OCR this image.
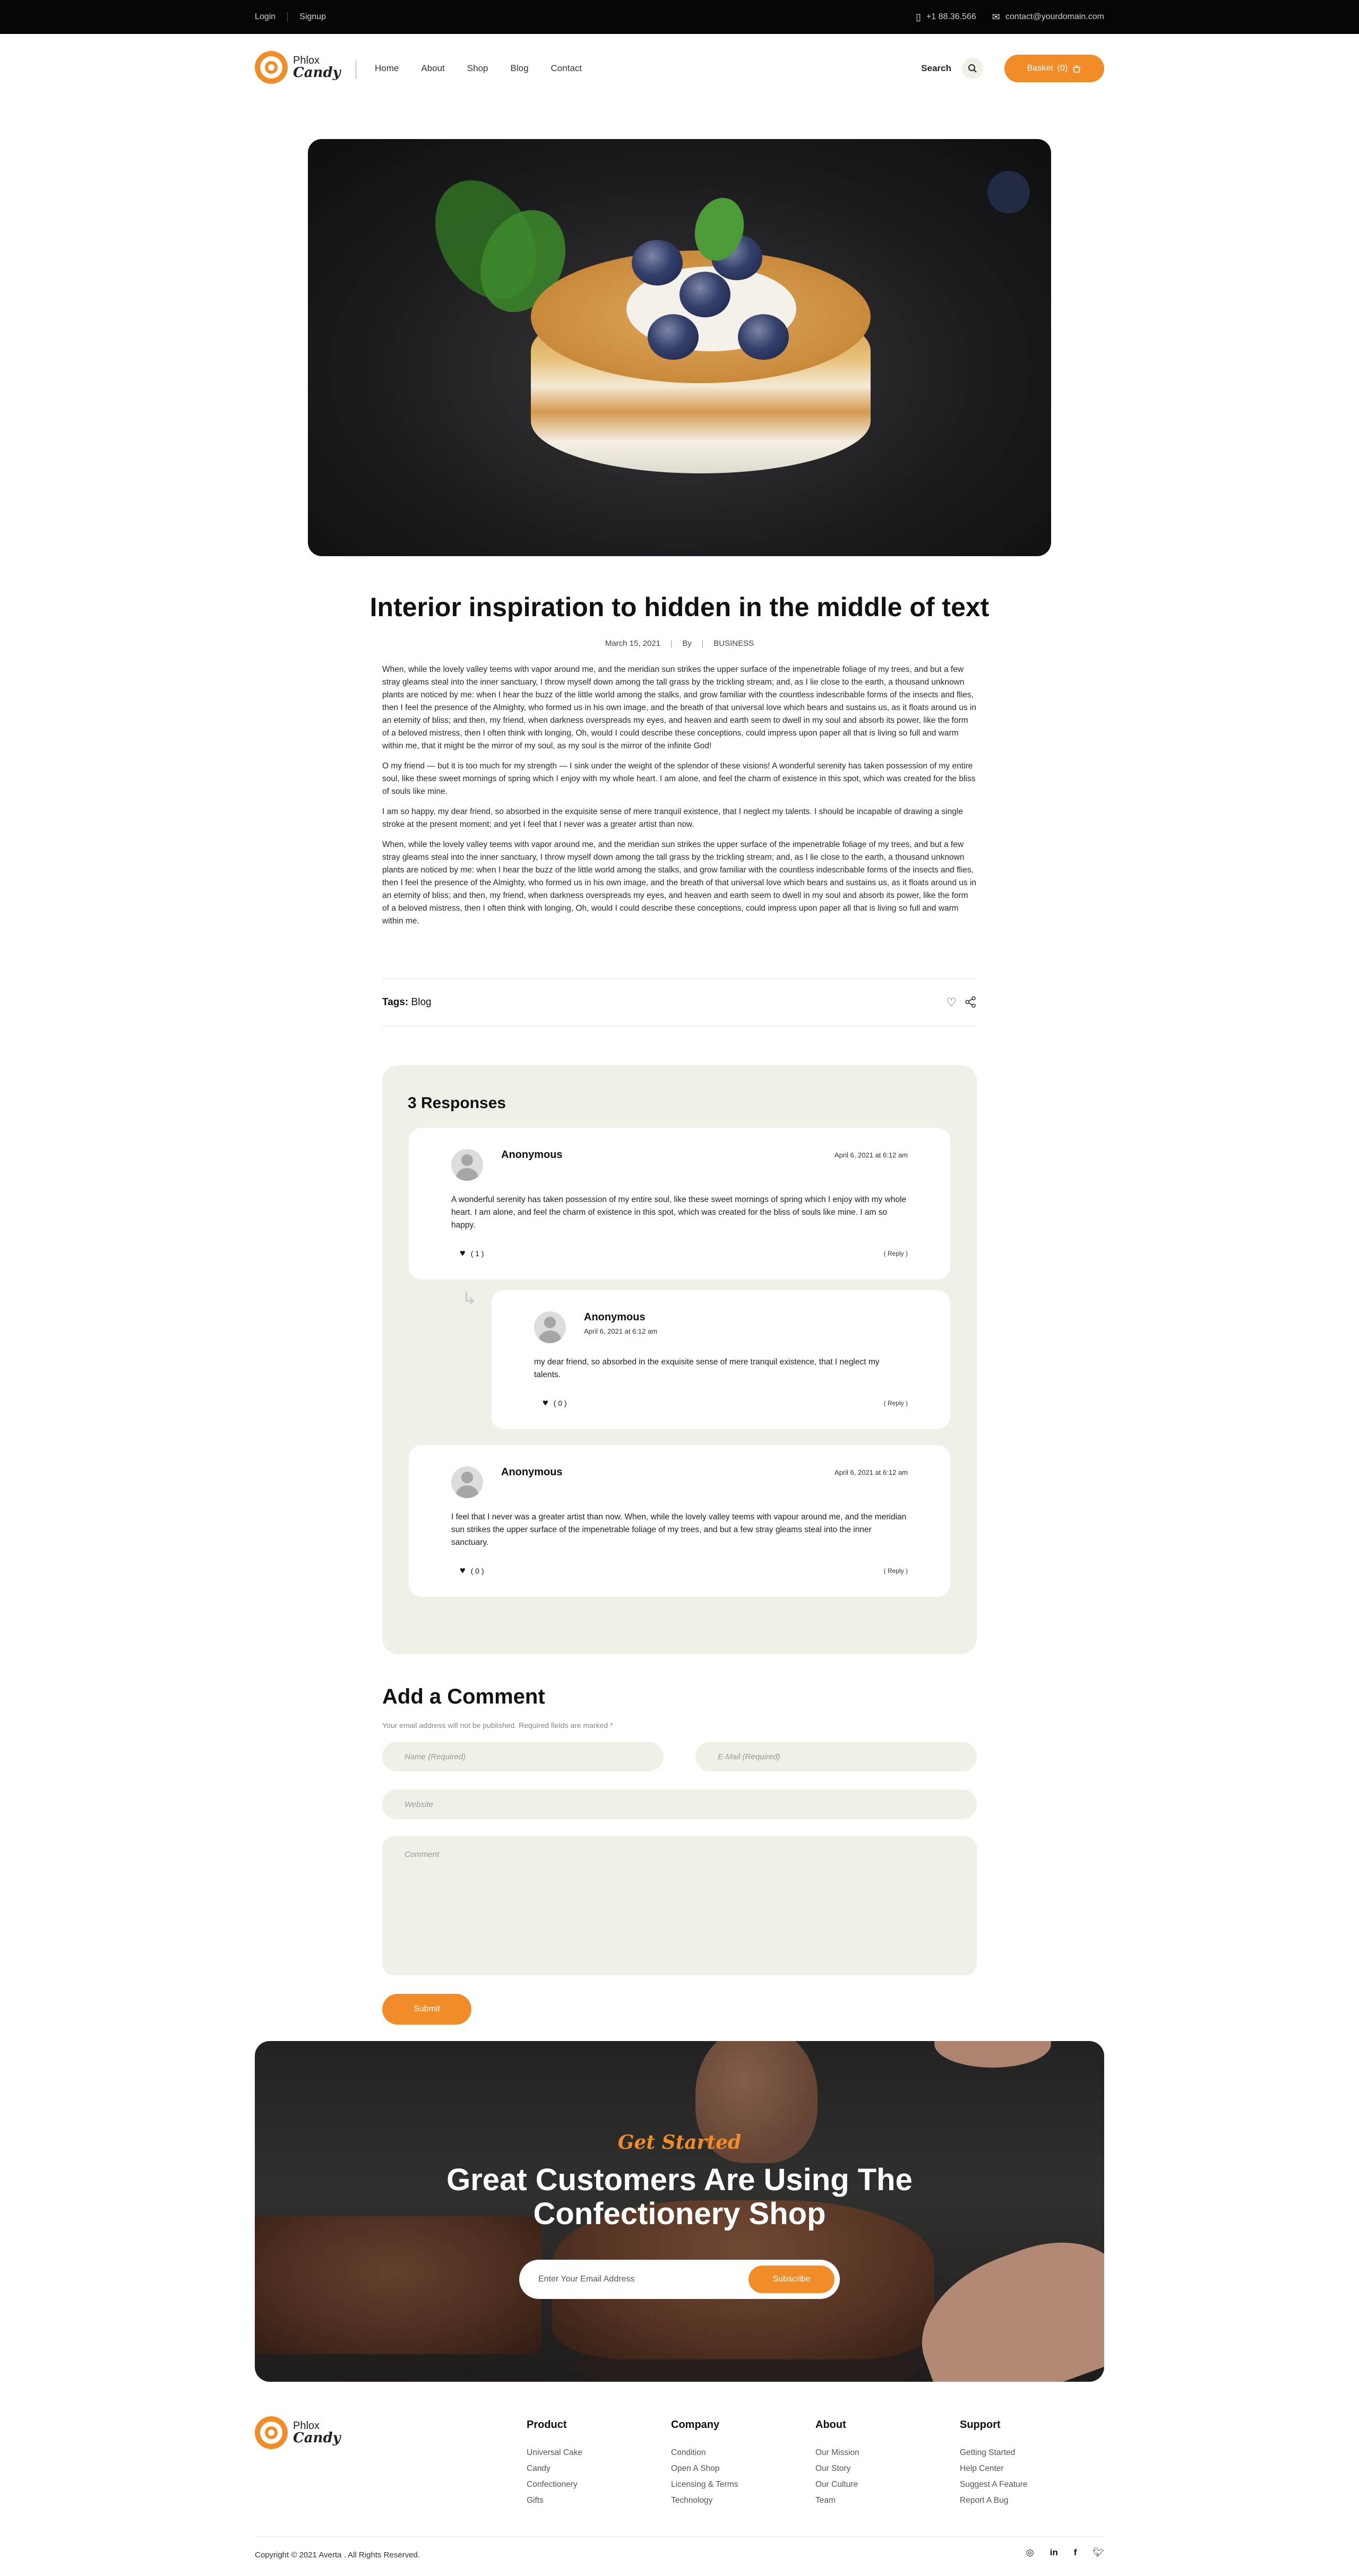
Login	Signup	▯ +1 88.36.566 ✉ contact@yourdomain.com
Phlox
Candy	Home About Shop Blog Contact	Search	Basket (0)
Interior inspiration to hidden in the middle of text
March 15, 2021	By	BUSINESS

When, while the lovely valley teems with vapor around me, and the meridian sun strikes the upper surface of the impenetrable foliage of my trees, and but a few stray gleams steal into the inner sanctuary, I throw myself down among the tall grass by the trickling stream; and, as I lie close to the earth, a thousand unknown plants are noticed by me: when I hear the buzz of the little world among the stalks, and grow familiar with the countless indescribable forms of the insects and flies, then I feel the presence of the Almighty, who formed us in his own image, and the breath of that universal love which bears and sustains us, as it floats around us in an eternity of bliss; and then, my friend, when darkness overspreads my eyes, and heaven and earth seem to dwell in my soul and absorb its power, like the form of a beloved mistress, then I often think with longing, Oh, would I could describe these conceptions, could impress upon paper all that is living so full and warm within me, that it might be the mirror of my soul, as my soul is the mirror of the infinite God!

O my friend — but it is too much for my strength — I sink under the weight of the splendor of these visions! A wonderful serenity has taken possession of my entire soul, like these sweet mornings of spring which I enjoy with my whole heart. I am alone, and feel the charm of existence in this spot, which was created for the bliss of souls like mine.

I am so happy, my dear friend, so absorbed in the exquisite sense of mere tranquil existence, that I neglect my talents. I should be incapable of drawing a single stroke at the present moment; and yet I feel that I never was a greater artist than now.

When, while the lovely valley teems with vapor around me, and the meridian sun strikes the upper surface of the impenetrable foliage of my trees, and but a few stray gleams steal into the inner sanctuary, I throw myself down among the tall grass by the trickling stream; and, as I lie close to the earth, a thousand unknown plants are noticed by me: when I hear the buzz of the little world among the stalks, and grow familiar with the countless indescribable forms of the insects and flies, then I feel the presence of the Almighty, who formed us in his own image, and the breath of that universal love which bears and sustains us, as it floats around us in an eternity of bliss; and then, my friend, when darkness overspreads my eyes, and heaven and earth seem to dwell in my soul and absorb its power, like the form of a beloved mistress, then I often think with longing, Oh, would I could describe these conceptions, could impress upon paper all that is living so full and warm within me.

Tags: Blog	♡
3 Responses
Anonymous	April 6, 2021 at 6:12 am
A wonderful serenity has taken possession of my entire soul, like these sweet mornings of spring which I enjoy with my whole heart. I am alone, and feel the charm of existence in this spot, which was created for the bliss of souls like mine. I am so happy.
♥ ( 1 )	( Reply )
↳
Anonymous
April 6, 2021 at 6:12 am
my dear friend, so absorbed in the exquisite sense of mere tranquil existence, that I neglect my talents.
♥ ( 0 )	( Reply )
Anonymous	April 6, 2021 at 6:12 am
I feel that I never was a greater artist than now. When, while the lovely valley teems with vapour around me, and the meridian sun strikes the upper surface of the impenetrable foliage of my trees, and but a few stray gleams steal into the inner sanctuary.
♥ ( 0 )	( Reply )
Add a Comment
Your email address will not be published. Required fields are marked *
Name (Required)
E-Mail (Required)
Website
Comment
Submit
Get Started
Great Customers Are Using The Confectionery Shop
Enter Your Email Address
Subscribe
Phlox
Candy
Product
Universal Cake
Candy
Confectionery
Gifts
Company
Condition
Open A Shop
Licensing & Terms
Technology
About
Our Mission
Our Story
Our Culture
Team
Support
Getting Started
Help Center
Suggest A Feature
Report A Bug
Copyright © 2021 Averta . All Rights Reserved.	◎ in f 🐦︎
